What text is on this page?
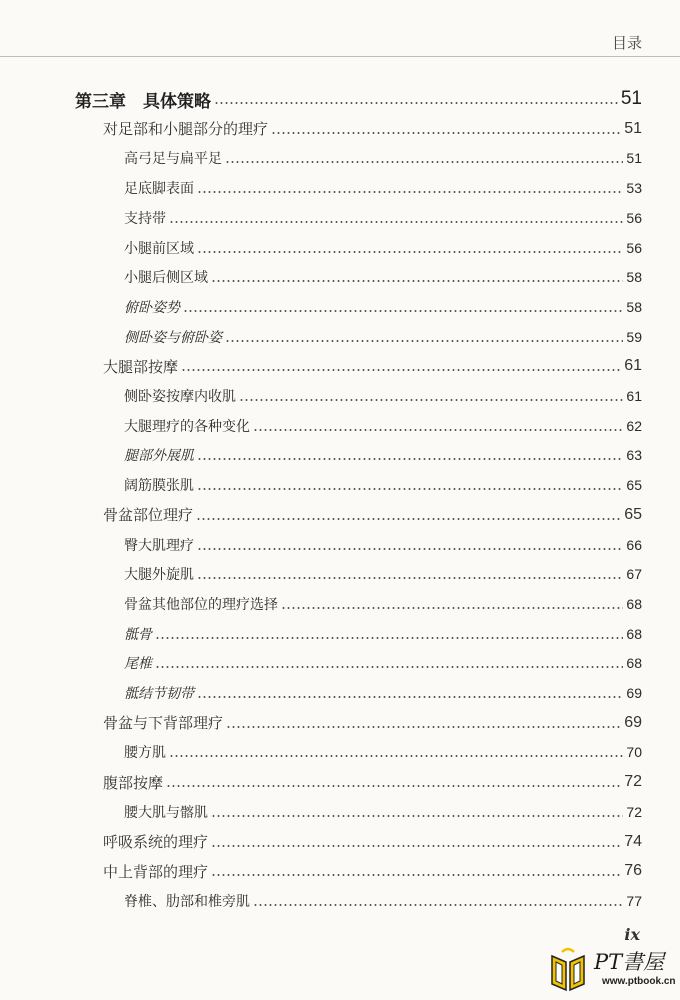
目录
第三章　具体策略	51
对足部和小腿部分的理疗	51
高弓足与扁平足	51
足底脚表面	53
支持带	56
小腿前区域	56
小腿后侧区域	58
俯卧姿势	58
侧卧姿与俯卧姿	59
大腿部按摩	61
侧卧姿按摩内收肌	61
大腿理疗的各种变化	62
腿部外展肌	63
阔筋膜张肌	65
骨盆部位理疗	65
臀大肌理疗	66
大腿外旋肌	67
骨盆其他部位的理疗选择	68
骶骨	68
尾椎	68
骶结节韧带	69
骨盆与下背部理疗	69
腰方肌	70
腹部按摩	72
腰大肌与髂肌	72
呼吸系统的理疗	74
中上背部的理疗	76
脊椎、肋部和椎旁肌	77
ix
PT書屋
www.ptbook.cn
